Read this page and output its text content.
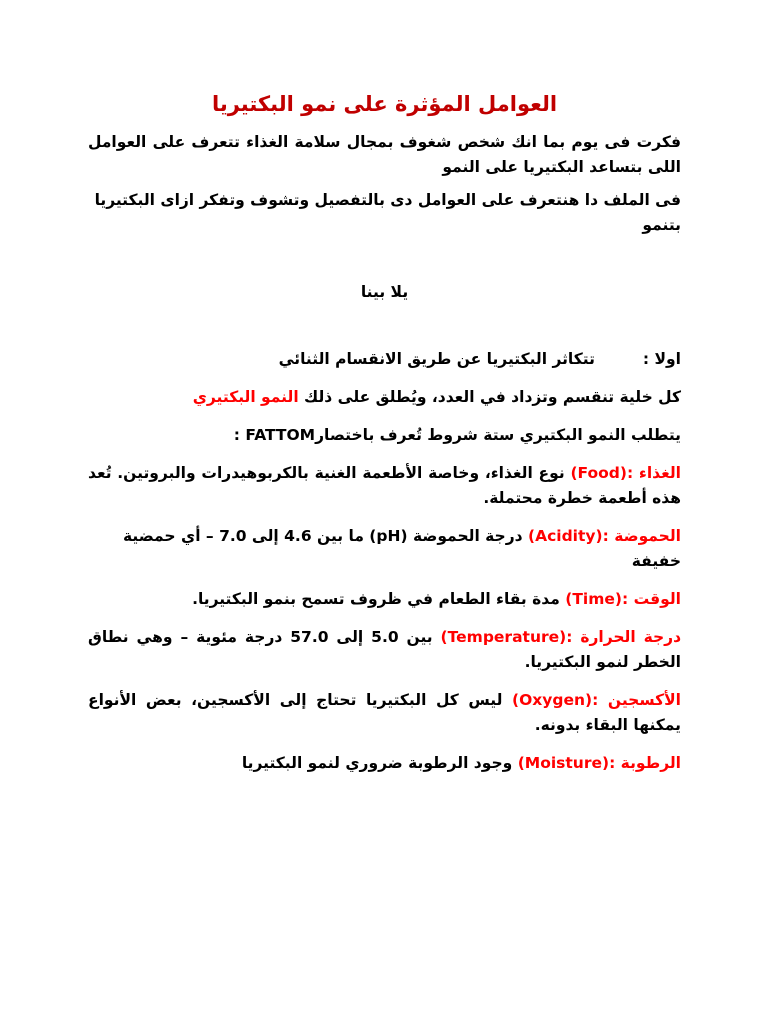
العوامل المؤثرة على نمو البكتيريا
فكرت فى يوم بما انك شخص شغوف بمجال سلامة الغذاء تتعرف على العوامل اللى بتساعد البكتيريا على النمو
فى الملف دا هنتعرف على العوامل دى بالتفصيل وتشوف وتفكر ازاى البكتيريا بتنمو
يلا بينا
اولا :
تتكاثر البكتيريا عن طريق الانقسام الثنائي
كل خلية تنقسم وتزداد في العدد، ويُطلق على ذلك النمو البكتيري
يتطلب النمو البكتيري ستة شروط تُعرف باختصارFATTOM :
الغذاء :(Food) نوع الغذاء، وخاصة الأطعمة الغنية بالكربوهيدرات والبروتين. تُعد هذه أطعمة خطرة محتملة.
الحموضة :(Acidity) درجة الحموضة (pH) ما بين 4.6 إلى 7.0 – أي حمضية خفيفة
الوقت :(Time) مدة بقاء الطعام في ظروف تسمح بنمو البكتيريا.
درجة الحرارة :(Temperature) بين 5.0 إلى 57.0 درجة مئوية – وهي نطاق الخطر لنمو البكتيريا.
الأكسجين :(Oxygen) ليس كل البكتيريا تحتاج إلى الأكسجين، بعض الأنواع يمكنها البقاء بدونه.
الرطوبة :(Moisture) وجود الرطوبة ضروري لنمو البكتيريا
